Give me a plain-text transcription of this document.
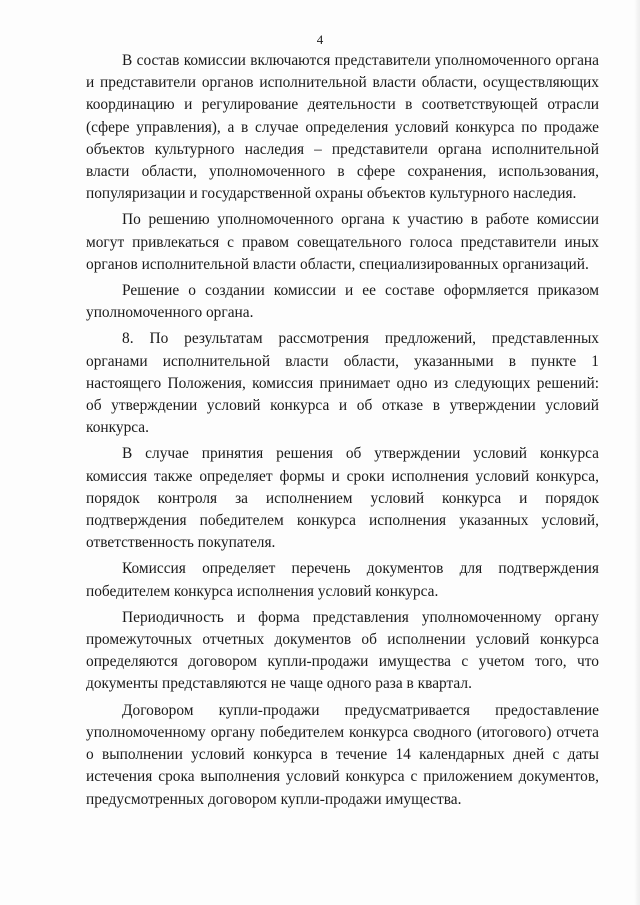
4

В состав комиссии включаются представители уполномоченного органа и представители органов исполнительной власти области, осуществляющих координацию и регулирование деятельности в соответствующей отрасли (сфере управления), а в случае определения условий конкурса по продаже объектов культурного наследия – представители органа исполнительной власти области, уполномоченного в сфере сохранения, использования, популяризации и государственной охраны объектов культурного наследия.

По решению уполномоченного органа к участию в работе комиссии могут привлекаться с правом совещательного голоса представители иных органов исполнительной власти области, специализированных организаций.

Решение о создании комиссии и ее составе оформляется приказом уполномоченного органа.

8. По результатам рассмотрения предложений, представленных органами исполнительной власти области, указанными в пункте 1 настоящего Положения, комиссия принимает одно из следующих решений: об утверждении условий конкурса и об отказе в утверждении условий конкурса.

В случае принятия решения об утверждении условий конкурса комиссия также определяет формы и сроки исполнения условий конкурса, порядок контроля за исполнением условий конкурса и порядок подтверждения победителем конкурса исполнения указанных условий, ответственность покупателя.

Комиссия определяет перечень документов для подтверждения победителем конкурса исполнения условий конкурса.

Периодичность и форма представления уполномоченному органу промежуточных отчетных документов об исполнении условий конкурса определяются договором купли-продажи имущества с учетом того, что документы представляются не чаще одного раза в квартал.

Договором купли-продажи предусматривается предоставление уполномоченному органу победителем конкурса сводного (итогового) отчета о выполнении условий конкурса в течение 14 календарных дней с даты истечения срока выполнения условий конкурса с приложением документов, предусмотренных договором купли-продажи имущества.
